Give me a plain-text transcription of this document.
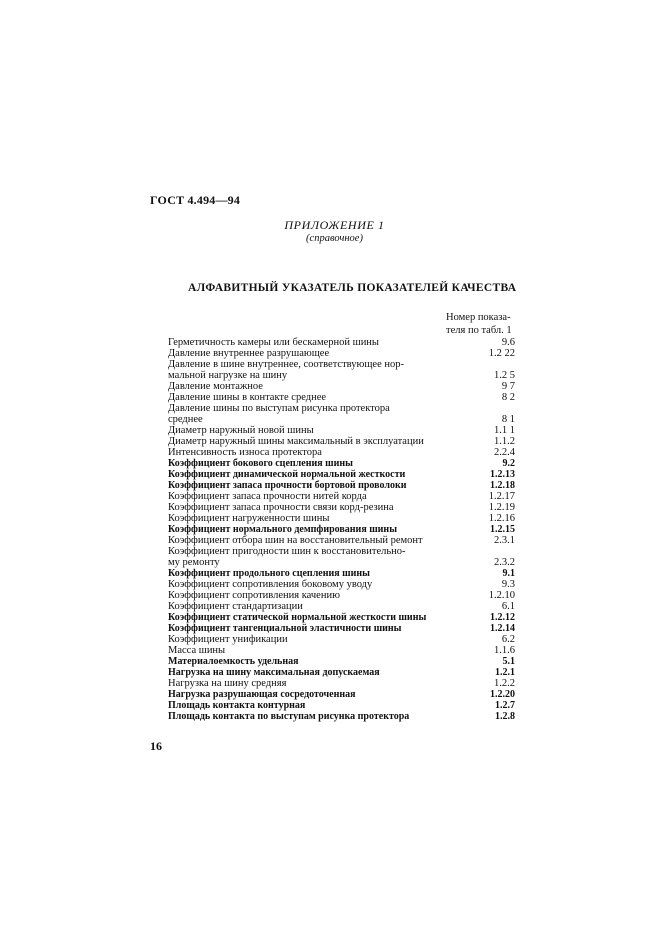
ГОСТ 4.494—94
ПРИЛОЖЕНИЕ 1
(справочное)
АЛФАВИТНЫЙ УКАЗАТЕЛЬ ПОКАЗАТЕЛЕЙ КАЧЕСТВА
Номер показа-
теля по табл. 1
Герметичность камеры или бескамерной шины	9.6
Давление внутреннее разрушающее	1.2 22
Давление в шине внутреннее, соответствующее нор-
мальной нагрузке на шину	1.2 5
Давление монтажное	9 7
Давление шины в контакте среднее	8 2
Давление шины по выступам рисунка протектора
среднее	8 1
Диаметр наружный новой шины	1.1 1
Диаметр наружный шины максимальный в эксплуатации	1.1.2
Интенсивность износа протектора	2.2.4
Коэффициент бокового сцепления шины	9.2
Коэффициент динамической нормальной жесткости	1.2.13
Коэффициент запаса прочности бортовой проволоки	1.2.18
Коэффициент запаса прочности нитей корда	1.2.17
Коэффициент запаса прочности связи корд-резина	1.2.19
Коэффициент нагруженности шины	1.2.16
Коэффициент нормального демпфирования шины	1.2.15
Коэффициент отбора шин на восстановительный ремонт	2.3.1
Коэффициент пригодности шин к восстановительно-
му ремонту	2.3.2
Коэффициент продольного сцепления шины	9.1
Коэффициент сопротивления боковому уводу	9.3
Коэффициент сопротивления качению	1.2.10
Коэффициент стандартизации	6.1
Коэффициент статической нормальной жесткости шины	1.2.12
Коэффициент тангенциальной эластичности шины	1.2.14
Коэффициент унификации	6.2
Масса шины	1.1.6
Материалоемкость удельная	5.1
Нагрузка на шину максимальная допускаемая	1.2.1
Нагрузка на шину средняя	1.2.2
Нагрузка разрушающая сосредоточенная	1.2.20
Площадь контакта контурная	1.2.7
Площадь контакта по выступам рисунка протектора	1.2.8
16
